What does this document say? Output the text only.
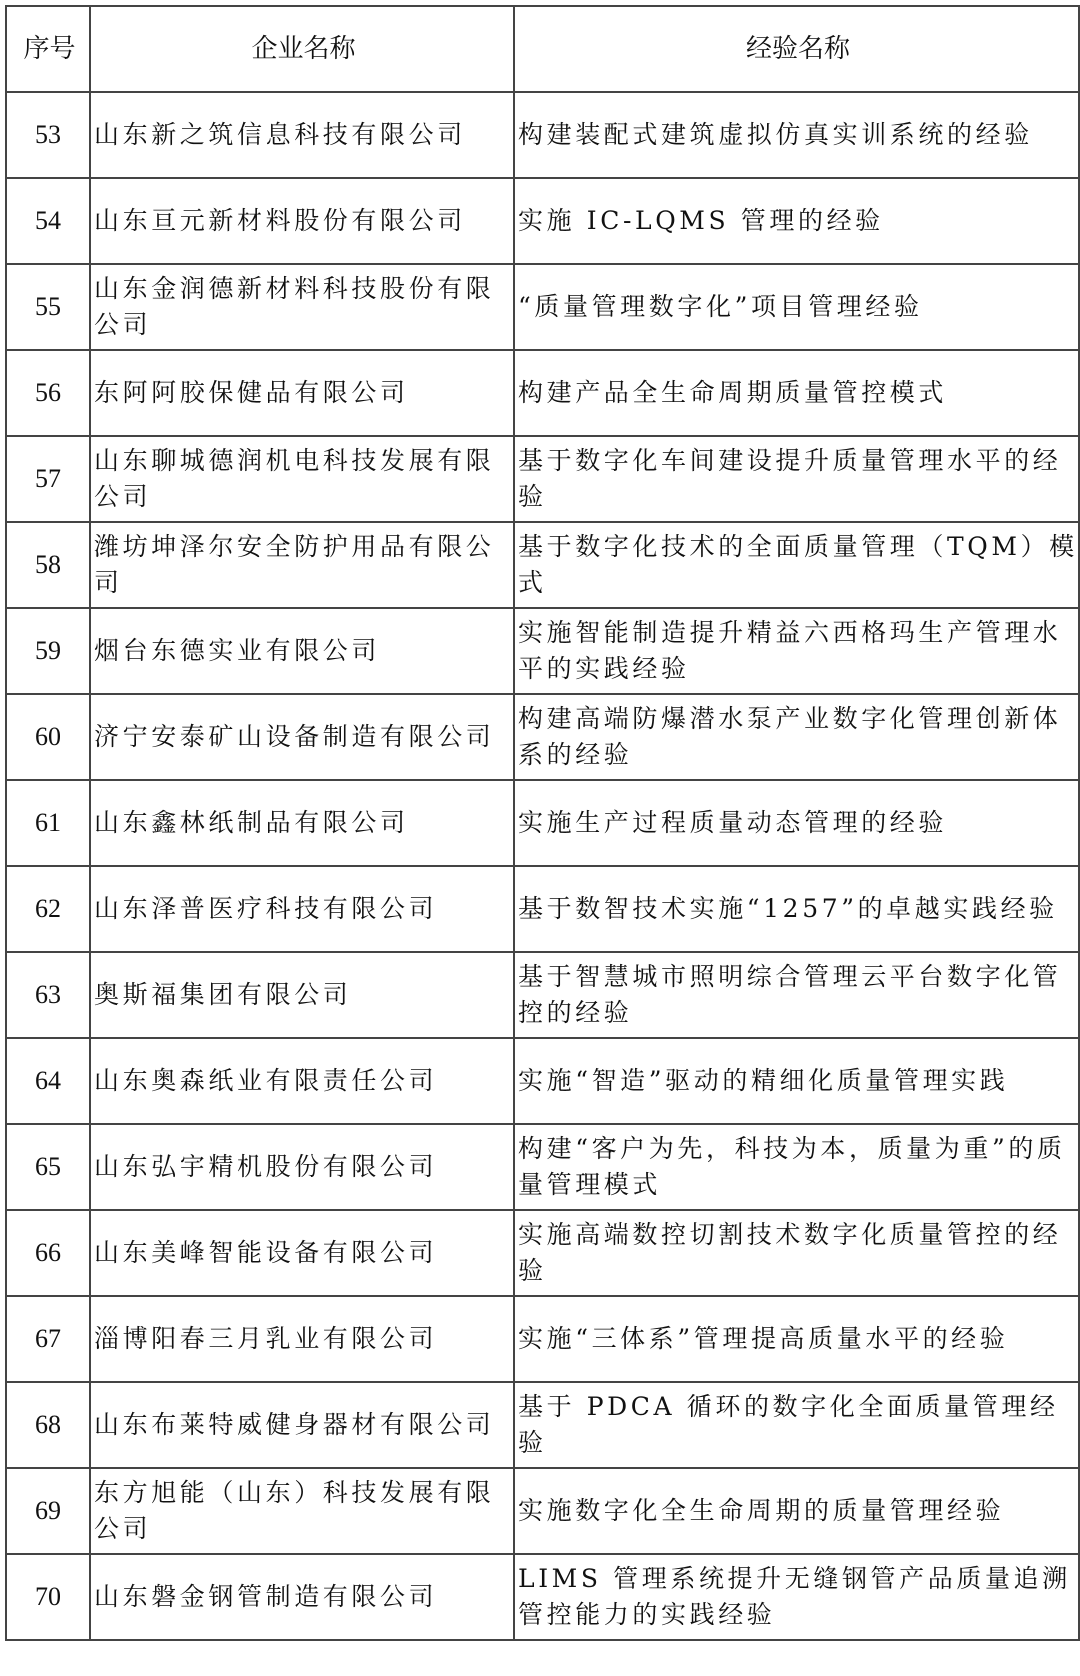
序号	企业名称	经验名称
53	山东新之筑信息科技有限公司	构建装配式建筑虚拟仿真实训系统的经验
54	山东亘元新材料股份有限公司	实施 IC-LQMS 管理的经验
55	山东金润德新材料科技股份有限公司	“质量管理数字化”项目管理经验
56	东阿阿胶保健品有限公司	构建产品全生命周期质量管控模式
57	山东聊城德润机电科技发展有限公司	基于数字化车间建设提升质量管理水平的经验
58	潍坊坤泽尔安全防护用品有限公司	基于数字化技术的全面质量管理（TQM）模式
59	烟台东德实业有限公司	实施智能制造提升精益六西格玛生产管理水平的实践经验
60	济宁安泰矿山设备制造有限公司	构建高端防爆潜水泵产业数字化管理创新体系的经验
61	山东鑫林纸制品有限公司	实施生产过程质量动态管理的经验
62	山东泽普医疗科技有限公司	基于数智技术实施“1257”的卓越实践经验
63	奥斯福集团有限公司	基于智慧城市照明综合管理云平台数字化管控的经验
64	山东奥森纸业有限责任公司	实施“智造”驱动的精细化质量管理实践
65	山东弘宇精机股份有限公司	构建“客户为先，科技为本，质量为重”的质量管理模式
66	山东美峰智能设备有限公司	实施高端数控切割技术数字化质量管控的经验
67	淄博阳春三月乳业有限公司	实施“三体系”管理提高质量水平的经验
68	山东布莱特威健身器材有限公司	基于 PDCA 循环的数字化全面质量管理经验
69	东方旭能（山东）科技发展有限公司	实施数字化全生命周期的质量管理经验
70	山东磐金钢管制造有限公司	LIMS 管理系统提升无缝钢管产品质量追溯管控能力的实践经验
